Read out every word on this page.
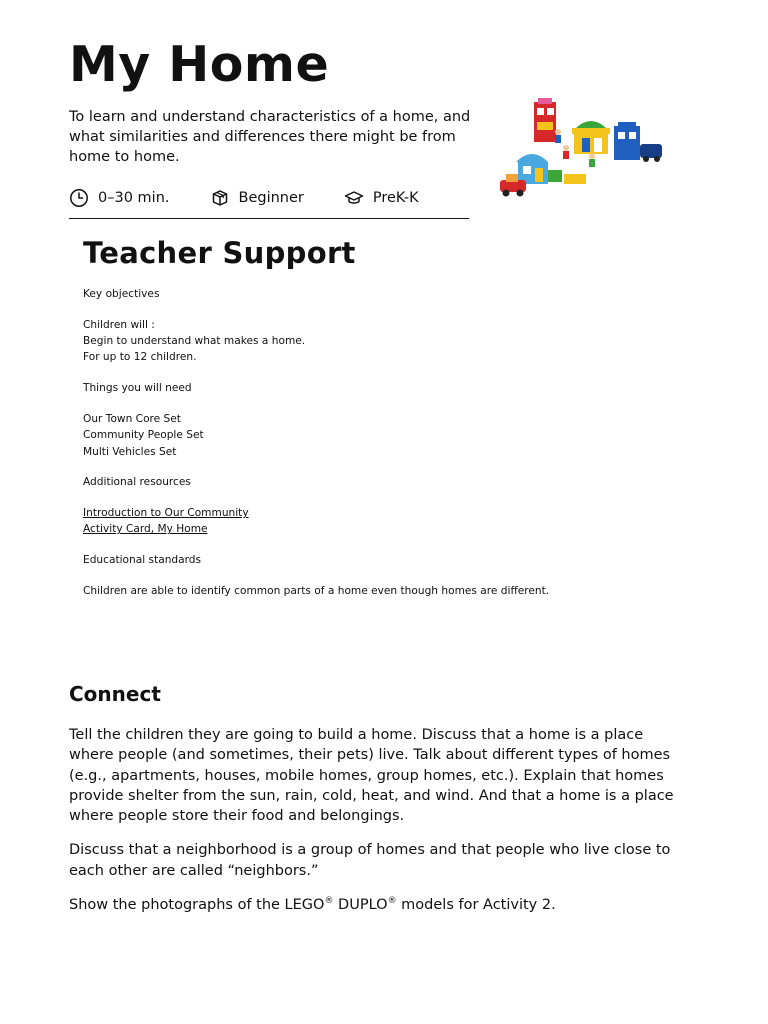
My Home

To learn and understand characteristics of a home, and what similarities and differences there might be from home to home.

0–30 min.	Beginner	PreK-K
Teacher Support

Key objectives

Children will :

Begin to understand what makes a home.

For up to 12 children.

Things you will need

Our Town Core Set

Community People Set

Multi Vehicles Set

Additional resources

Introduction to Our Community

Activity Card, My Home

Educational standards

Children are able to identify common parts of a home even though homes are different.

Connect

Tell the children they are going to build a home. Discuss that a home is a place where people (and sometimes, their pets) live. Talk about different types of homes (e.g., apartments, houses, mobile homes, group homes, etc.). Explain that homes provide shelter from the sun, rain, cold, heat, and wind. And that a home is a place where people store their food and belongings.

Discuss that a neighborhood is a group of homes and that people who live close to each other are called “neighbors.”

Show the photographs of the LEGO® DUPLO® models for Activity 2.
